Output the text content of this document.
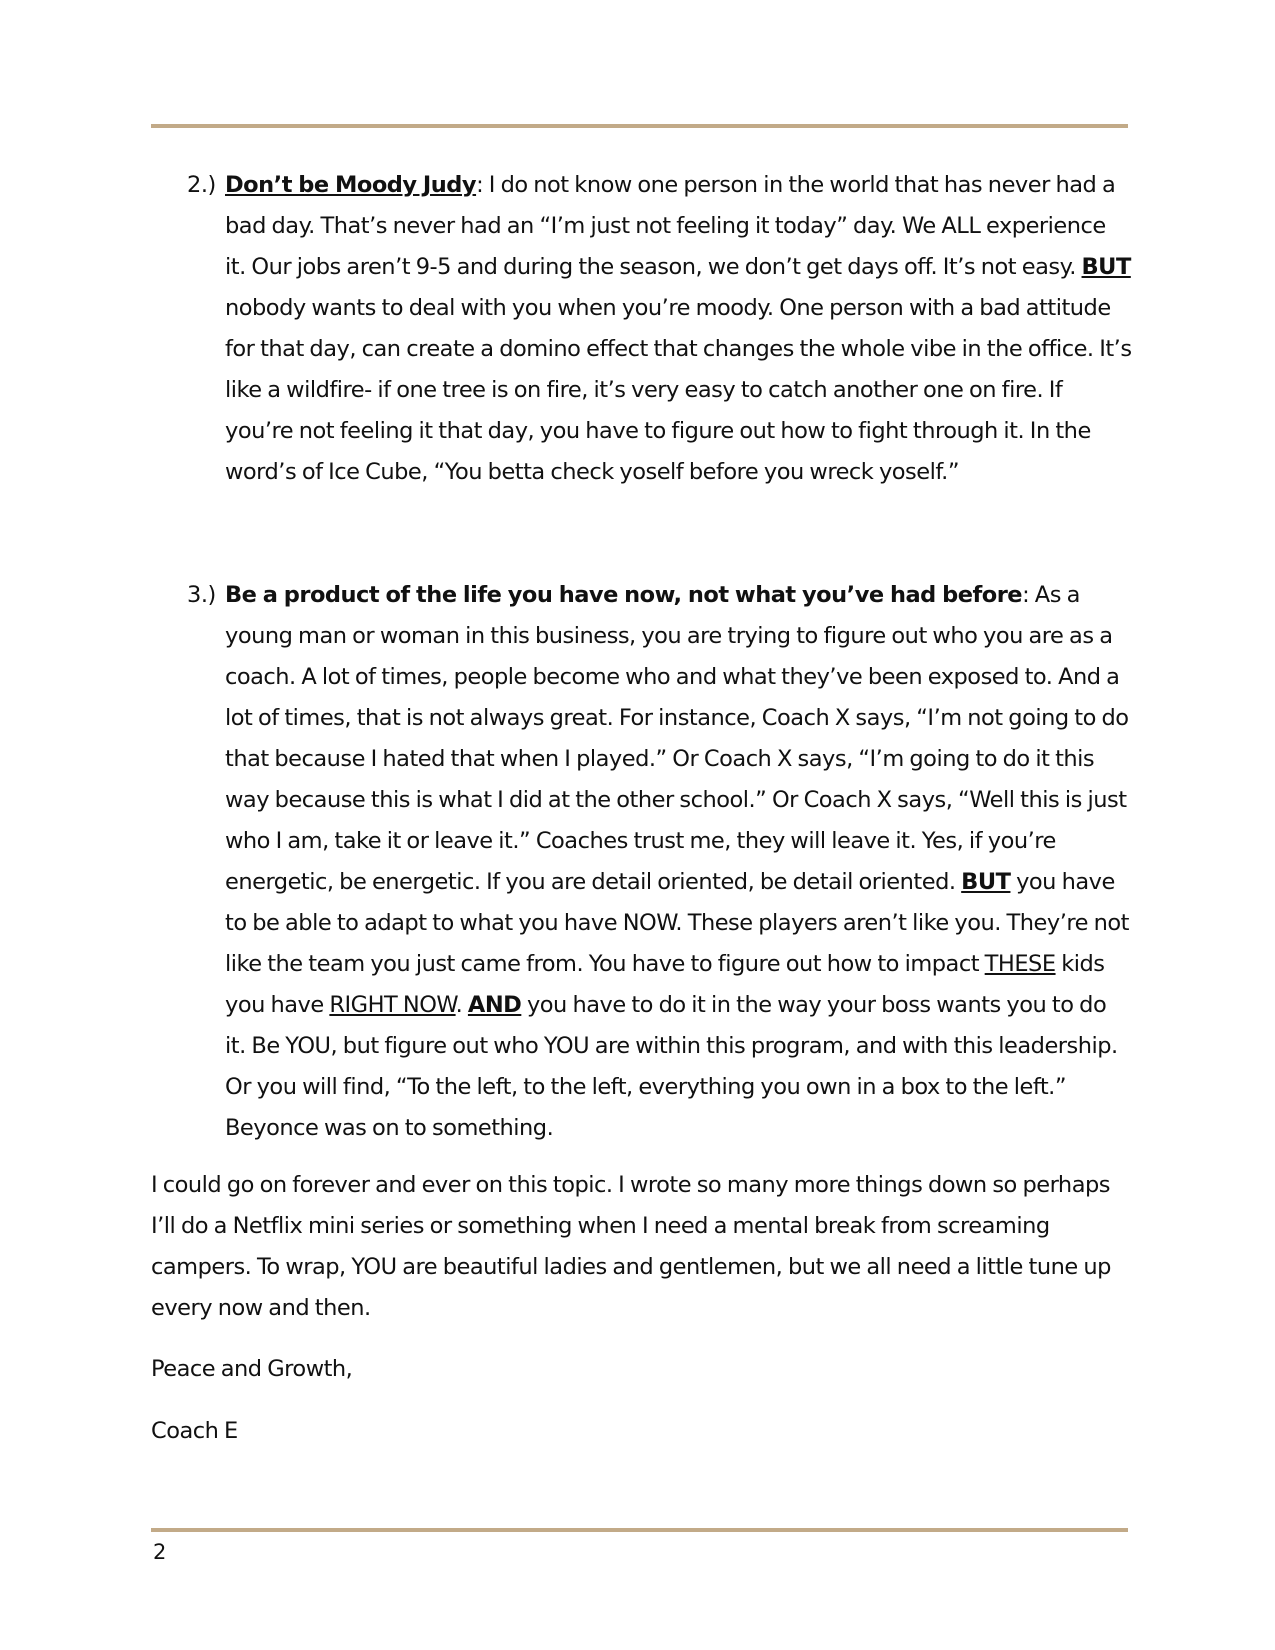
2.) Don’t be Moody Judy: I do not know one person in the world that has never had a bad day. That’s never had an “I’m just not feeling it today” day. We ALL experience it. Our jobs aren’t 9-5 and during the season, we don’t get days off. It’s not easy. BUT nobody wants to deal with you when you’re moody. One person with a bad attitude for that day, can create a domino effect that changes the whole vibe in the office. It’s like a wildfire- if one tree is on fire, it’s very easy to catch another one on fire. If you’re not feeling it that day, you have to figure out how to fight through it. In the word’s of Ice Cube, “You betta check yoself before you wreck yoself.”

3.) Be a product of the life you have now, not what you’ve had before: As a young man or woman in this business, you are trying to figure out who you are as a coach. A lot of times, people become who and what they’ve been exposed to. And a lot of times, that is not always great. For instance, Coach X says, “I’m not going to do that because I hated that when I played.” Or Coach X says, “I’m going to do it this way because this is what I did at the other school.” Or Coach X says, “Well this is just who I am, take it or leave it.” Coaches trust me, they will leave it. Yes, if you’re energetic, be energetic. If you are detail oriented, be detail oriented. BUT you have to be able to adapt to what you have NOW. These players aren’t like you. They’re not like the team you just came from. You have to figure out how to impact THESE kids you have RIGHT NOW. AND you have to do it in the way your boss wants you to do it. Be YOU, but figure out who YOU are within this program, and with this leadership. Or you will find, “To the left, to the left, everything you own in a box to the left.” Beyonce was on to something.

I could go on forever and ever on this topic. I wrote so many more things down so perhaps I’ll do a Netflix mini series or something when I need a mental break from screaming campers. To wrap, YOU are beautiful ladies and gentlemen, but we all need a little tune up every now and then.

Peace and Growth,

Coach E

2
